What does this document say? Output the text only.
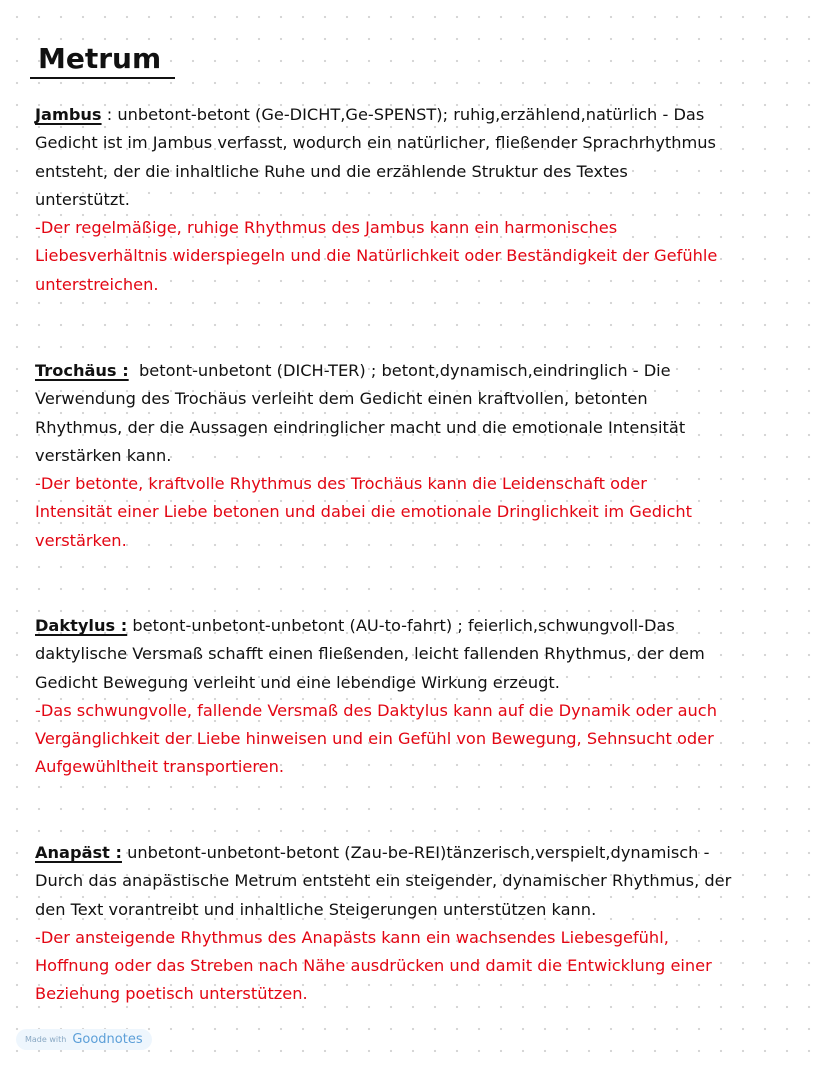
Metrum
Jambus : unbetont-betont (Ge-DICHT,Ge-SPENST); ruhig,erzählend,natürlich - Das
Gedicht ist im Jambus verfasst, wodurch ein natürlicher, fließender Sprachrhythmus
entsteht, der die inhaltliche Ruhe und die erzählende Struktur des Textes
unterstützt.
-Der regelmäßige, ruhige Rhythmus des Jambus kann ein harmonisches
Liebesverhältnis widerspiegeln und die Natürlichkeit oder Beständigkeit der Gefühle
unterstreichen.
Trochäus : betont-unbetont (DICH-TER) ; betont,dynamisch,eindringlich - Die
Verwendung des Trochäus verleiht dem Gedicht einen kraftvollen, betonten
Rhythmus, der die Aussagen eindringlicher macht und die emotionale Intensität
verstärken kann.
-Der betonte, kraftvolle Rhythmus des Trochäus kann die Leidenschaft oder
Intensität einer Liebe betonen und dabei die emotionale Dringlichkeit im Gedicht
verstärken.
Daktylus : betont-unbetont-unbetont (AU-to-fahrt) ; feierlich,schwungvoll-Das
daktylische Versmaß schafft einen fließenden, leicht fallenden Rhythmus, der dem
Gedicht Bewegung verleiht und eine lebendige Wirkung erzeugt.
-Das schwungvolle, fallende Versmaß des Daktylus kann auf die Dynamik oder auch
Vergänglichkeit der Liebe hinweisen und ein Gefühl von Bewegung, Sehnsucht oder
Aufgewühltheit transportieren.
Anapäst : unbetont-unbetont-betont (Zau-be-REI)tänzerisch,verspielt,dynamisch -
Durch das anapästische Metrum entsteht ein steigender, dynamischer Rhythmus, der
den Text vorantreibt und inhaltliche Steigerungen unterstützen kann.
-Der ansteigende Rhythmus des Anapästs kann ein wachsendes Liebesgefühl,
Hoffnung oder das Streben nach Nähe ausdrücken und damit die Entwicklung einer
Beziehung poetisch unterstützen.
Made with Goodnotes
